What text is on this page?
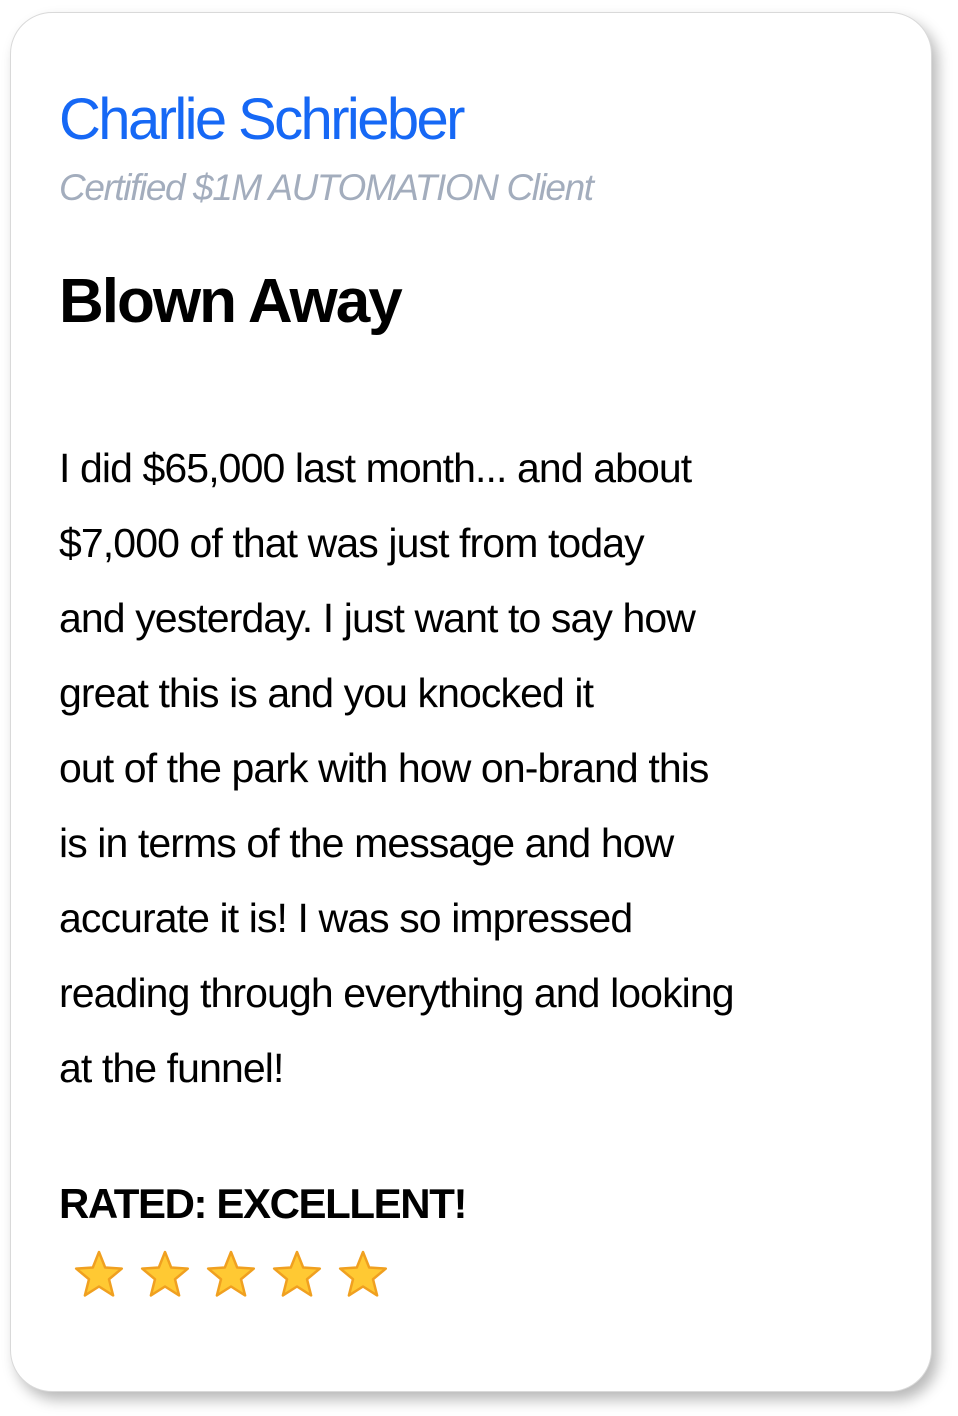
Charlie Schrieber

Certified $1M AUTOMATION Client

Blown Away
I did $65,000 last month... and about
$7,000 of that was just from today
and yesterday. I just want to say how
great this is and you knocked it
out of the park with how on-brand this
is in terms of the message and how
accurate it is! I was so impressed
reading through everything and looking
at the funnel!

RATED: EXCELLENT!
